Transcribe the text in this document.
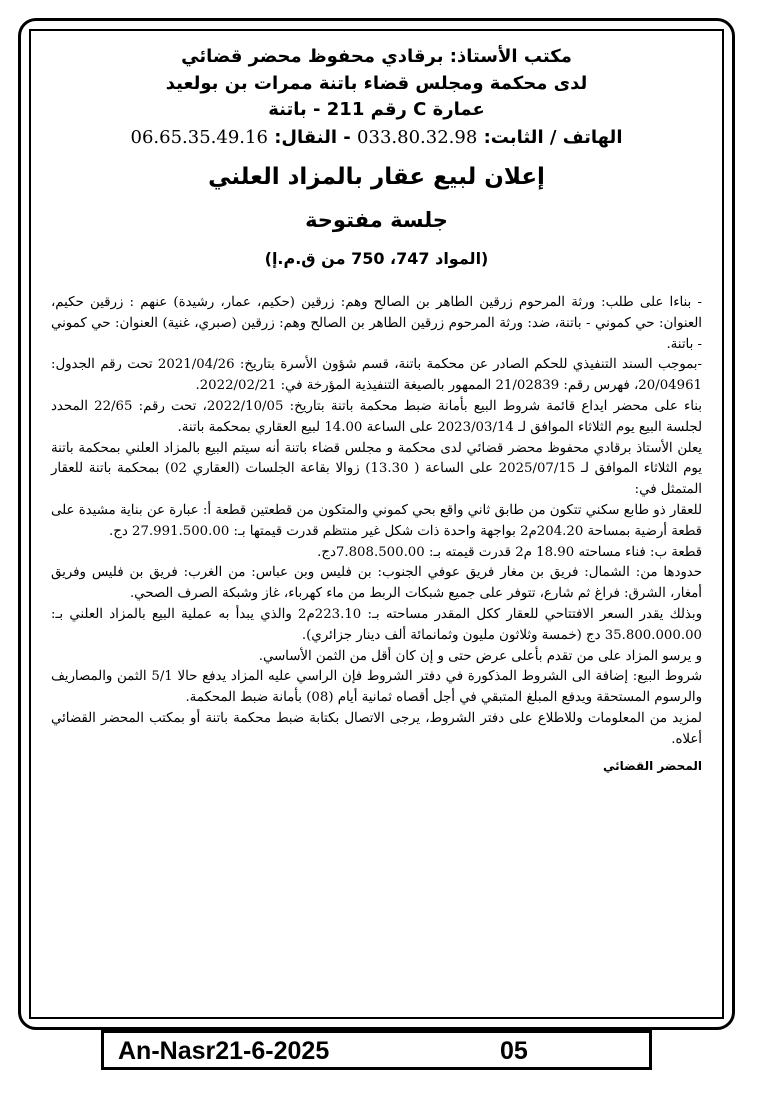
مكتب الأستاذ: برقادي محفوظ محضر قضائي
لدى محكمة ومجلس قضاء باتنة ممرات بن بولعيد
عمارة C رقم 211 - باتنة
الهاتف / الثابت: 033.80.32.98 - النقال: 06.65.35.49.16
إعلان لبيع عقار بالمزاد العلني
جلسة مفتوحة
(المواد 747، 750 من ق.م.إ)

- بناءا على طلب: ورثة المرحوم زرقين الطاهر بن الصالح وهم: زرقين (حكيم، عمار، رشيدة) عنهم : زرقين حكيم، العنوان: حي كموني - باتنة، ضد: ورثة المرحوم زرقين الطاهر بن الصالح وهم: زرقين (صبري، غنية) العنوان: حي كموني - باتنة.

-بموجب السند التنفيذي للحكم الصادر عن محكمة باتنة، قسم شؤون الأسرة بتاريخ: 2021/04/26 تحت رقم الجدول: 20/04961، فهرس رقم: 21/02839 الممهور بالصيغة التنفيذية المؤرخة في: 2022/02/21.

بناء على محضر ايداع قائمة شروط البيع بأمانة ضبط محكمة باتنة بتاريخ: 2022/10/05، تحت رقم: 22/65 المحدد لجلسة البيع يوم الثلاثاء الموافق لـ 2023/03/14 على الساعة 14.00 لبيع العقاري بمحكمة باتنة.

يعلن الأستاذ برقادي محفوظ محضر قضائي لدى محكمة و مجلس قضاء باتنة أنه سيتم البيع بالمزاد العلني بمحكمة باتنة يوم الثلاثاء الموافق لـ 2025/07/15 على الساعة ( 13.30) زوالا بقاعة الجلسات (العقاري 02) بمحكمة باتنة للعقار المتمثل في:

للعقار ذو طابع سكني تتكون من طابق ثاني واقع بحي كموني والمتكون من قطعتين قطعة أ: عبارة عن بناية مشيدة على قطعة أرضية بمساحة 204.20م2 بواجهة واحدة ذات شكل غير منتظم قدرت قيمتها بـ: 27.991.500.00 دج.

قطعة ب: فناء مساحته 18.90 م2 قدرت قيمته بـ: 7.808.500.00دج.

حدودها من: الشمال: فريق بن مغار فريق عوفي الجنوب: بن فليس وبن عباس: من الغرب: فريق بن فليس وفريق أمغار، الشرق: فراغ ثم شارع، تتوفر على جميع شبكات الربط من ماء كهرباء، غاز وشبكة الصرف الصحي.

وبذلك يقدر السعر الافتتاحي للعقار ككل المقدر مساحته بـ: 223.10م2 والذي يبدأ به عملية البيع بالمزاد العلني بـ: 35.800.000.00 دج (خمسة وثلاثون مليون وثمانمائة ألف دينار جزائري).

و يرسو المزاد على من تقدم بأعلى عرض حتى و إن كان أقل من الثمن الأساسي.

شروط البيع: إضافة الى الشروط المذكورة في دفتر الشروط فإن الراسي عليه المزاد يدفع حالا 5/1 الثمن والمصاريف والرسوم المستحقة ويدفع المبلغ المتبقي في أجل أقصاه ثمانية أيام (08) بأمانة ضبط المحكمة.

لمزيد من المعلومات وللاطلاع على دفتر الشروط، يرجى الاتصال بكتابة ضبط محكمة باتنة أو بمكتب المحضر القضائي أعلاه.

المحضر القضائي
An-Nasr21-6-2025	05
